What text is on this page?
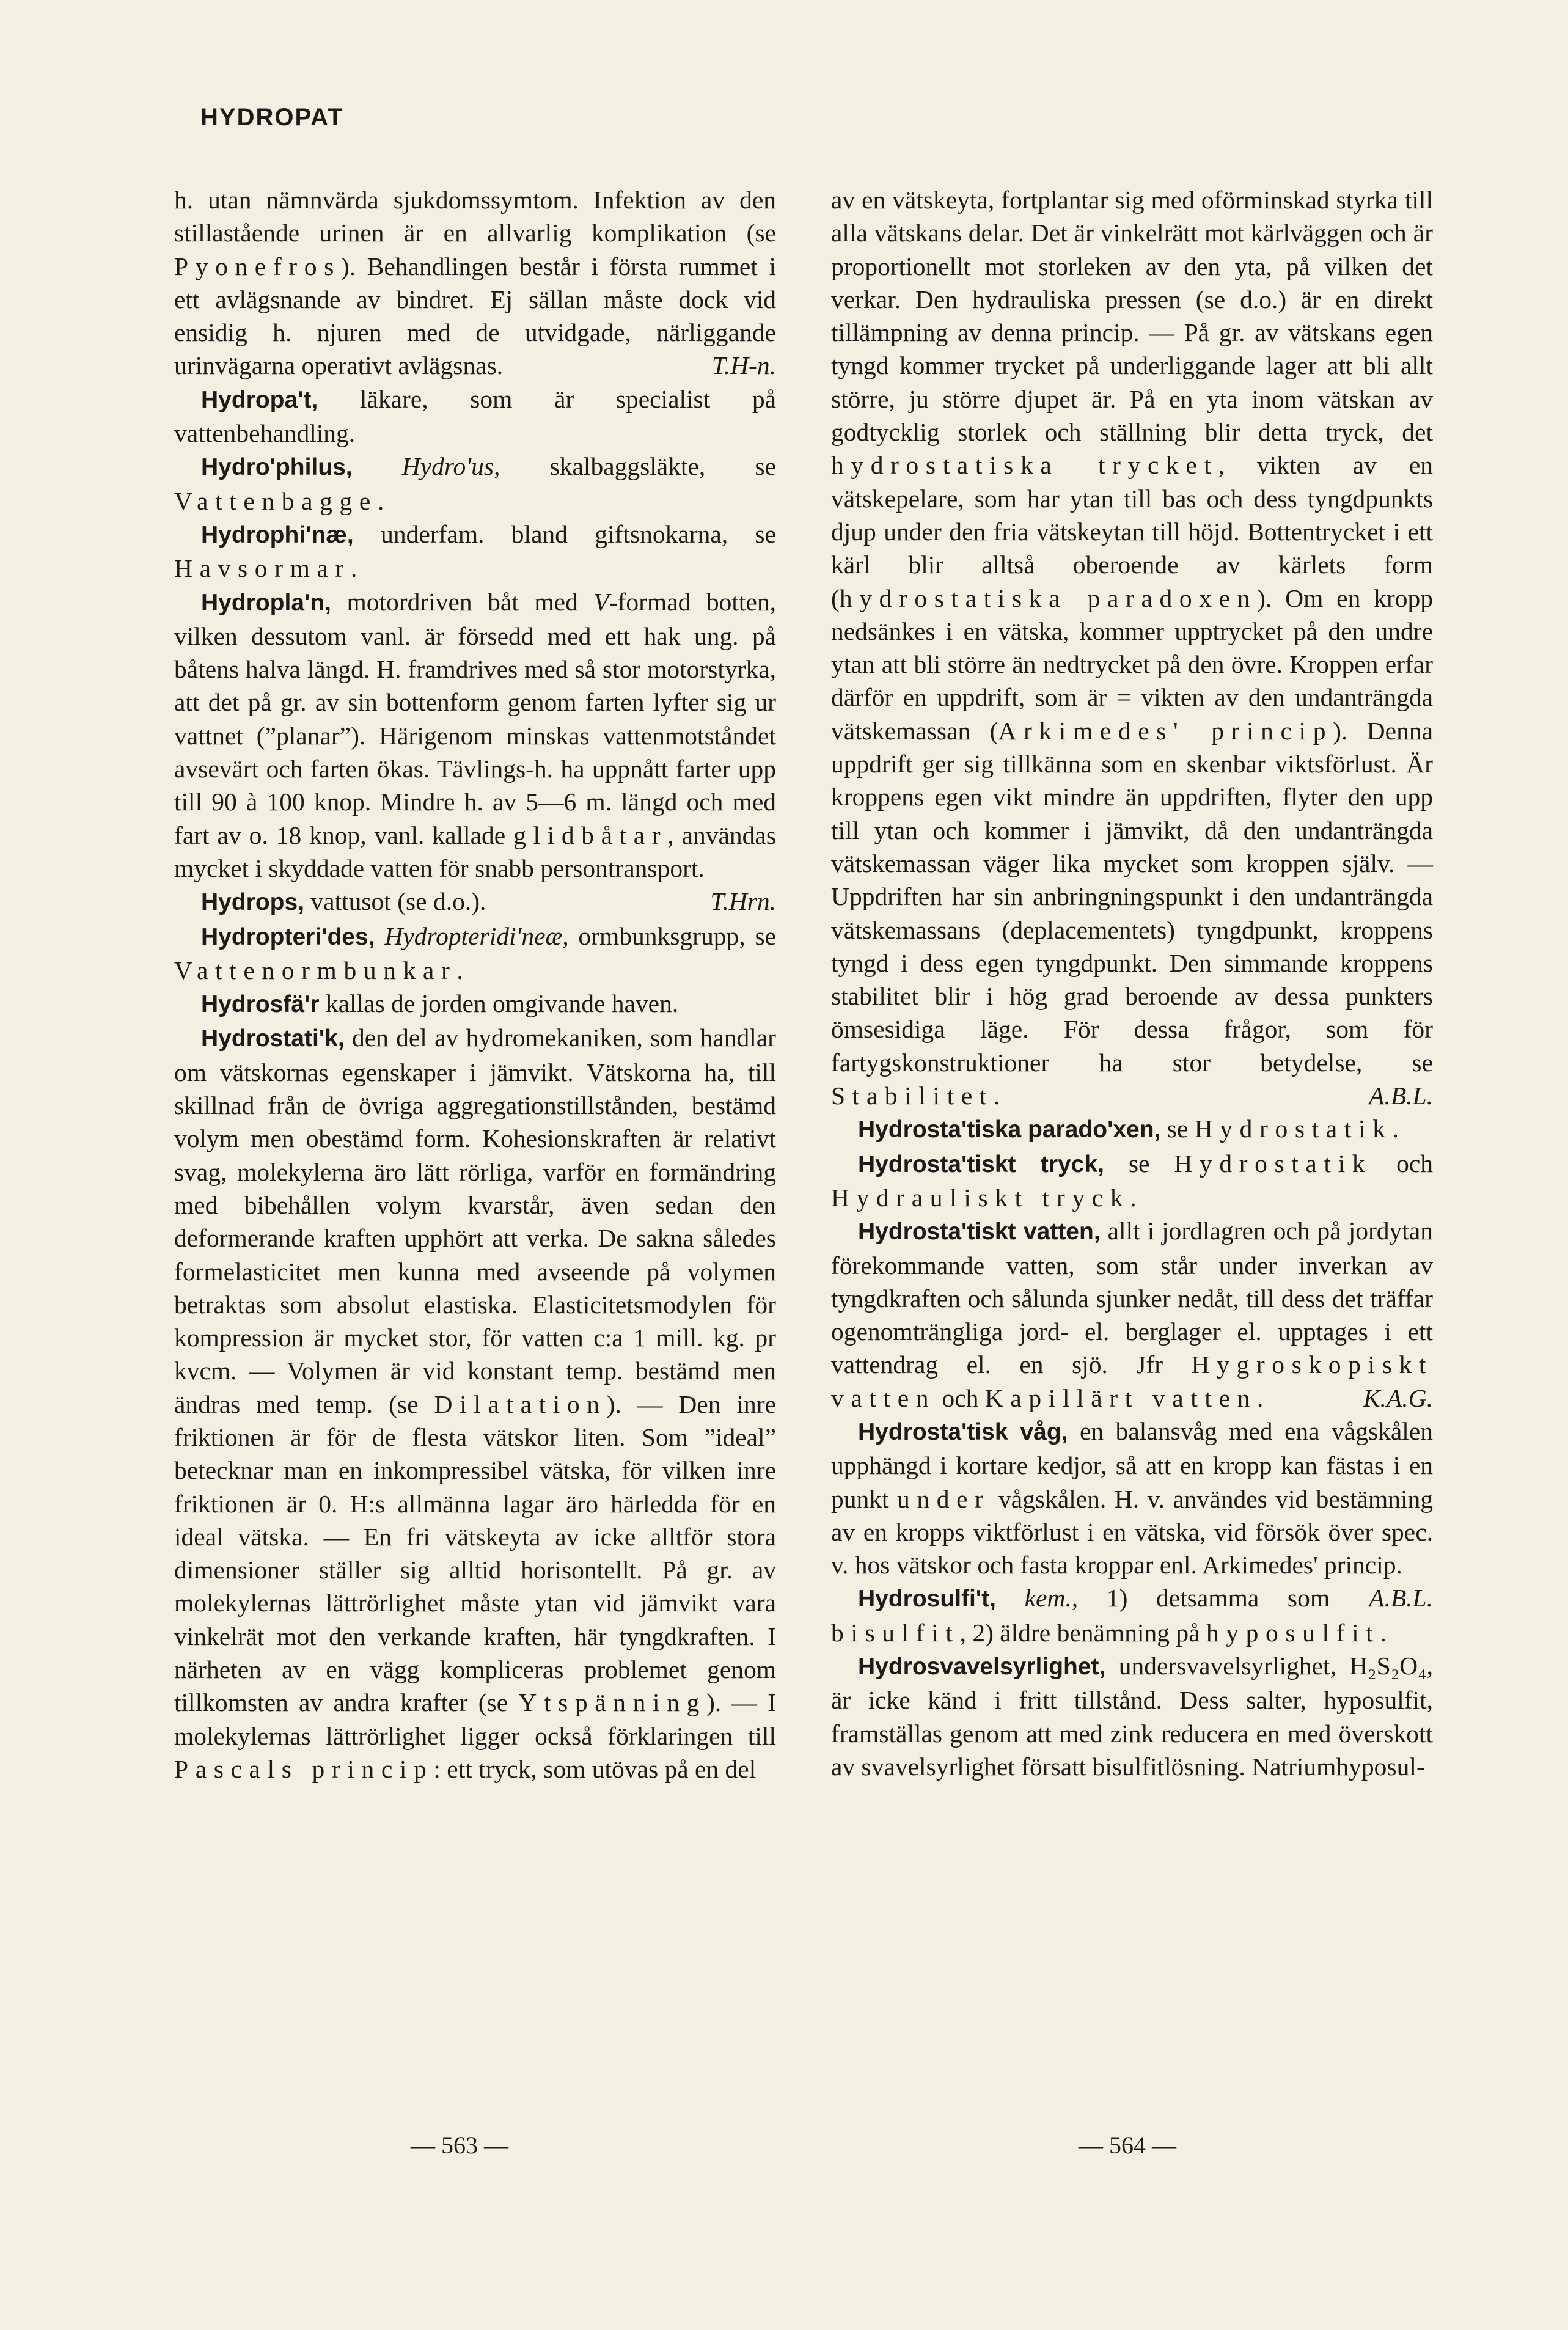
HYDROPAT

h. utan nämnvärda sjukdomssymtom. Infektion av den stillastående urinen är en allvarlig komplikation (se Pyonefros). Behandlingen består i första rummet i ett avlägsnande av bindret. Ej sällan måste dock vid ensidig h. njuren med de utvidgade, närliggande urinvägarna operativt avlägsnas.	T.H-n.

Hydropa't, läkare, som är specialist på vattenbehandling.

Hydro'philus, Hydro'us, skalbaggsläkte, se Vattenbagge.

Hydrophi'næ, underfam. bland giftsnokarna, se Havsormar.

Hydropla'n, motordriven båt med V-formad botten, vilken dessutom vanl. är försedd med ett hak ung. på båtens halva längd. H. framdrives med så stor motorstyrka, att det på gr. av sin bottenform genom farten lyfter sig ur vattnet (”planar”). Härigenom minskas vattenmotståndet avsevärt och farten ökas. Tävlings-h. ha uppnått farter upp till 90 à 100 knop. Mindre h. av 5—6 m. längd och med fart av o. 18 knop, vanl. kallade glidbåtar, användas mycket i skyddade vatten för snabb persontransport.
T.Hrn.

Hydrops, vattusot (se d.o.).

Hydropteri'des, Hydropteridi'neæ, ormbunksgrupp, se Vattenormbunkar.

Hydrosfä'r kallas de jorden omgivande haven.

Hydrostati'k, den del av hydromekaniken, som handlar om vätskornas egenskaper i jämvikt. Vätskorna ha, till skillnad från de övriga aggregationstillstånden, bestämd volym men obestämd form. Kohesionskraften är relativt svag, molekylerna äro lätt rörliga, varför en formändring med bibehållen volym kvarstår, även sedan den deformerande kraften upphört att verka. De sakna således formelasticitet men kunna med avseende på volymen betraktas som absolut elastiska. Elasticitetsmodylen för kompression är mycket stor, för vatten c:a 1 mill. kg. pr kvcm. — Volymen är vid konstant temp. bestämd men ändras med temp. (se Dilatation). — Den inre friktionen är för de flesta vätskor liten. Som ”ideal” betecknar man en inkompressibel vätska, för vilken inre friktionen är 0. H:s allmänna lagar äro härledda för en ideal vätska. — En fri vätskeyta av icke alltför stora dimensioner ställer sig alltid horisontellt. På gr. av molekylernas lättrörlighet måste ytan vid jämvikt vara vinkelrät mot den verkande kraften, här tyngdkraften. I närheten av en vägg kompliceras problemet genom tillkomsten av andra krafter (se Ytspänning). — I molekylernas lättrörlighet ligger också förklaringen till Pascals princip: ett tryck, som utövas på en del

av en vätskeyta, fortplantar sig med oförminskad styrka till alla vätskans delar. Det är vinkelrätt mot kärlväggen och är proportionellt mot storleken av den yta, på vilken det verkar. Den hydrauliska pressen (se d.o.) är en direkt tillämpning av denna princip. — På gr. av vätskans egen tyngd kommer trycket på underliggande lager att bli allt större, ju större djupet är. På en yta inom vätskan av godtycklig storlek och ställning blir detta tryck, det hydrostatiska trycket, vikten av en vätskepelare, som har ytan till bas och dess tyngdpunkts djup under den fria vätskeytan till höjd. Bottentrycket i ett kärl blir alltså oberoende av kärlets form (hydrostatiska paradoxen). Om en kropp nedsänkes i en vätska, kommer upptrycket på den undre ytan att bli större än nedtrycket på den övre. Kroppen erfar därför en uppdrift, som är = vikten av den undanträngda vätskemassan (Arkimedes' princip). Denna uppdrift ger sig tillkänna som en skenbar viktsförlust. Är kroppens egen vikt mindre än uppdriften, flyter den upp till ytan och kommer i jämvikt, då den undanträngda vätskemassan väger lika mycket som kroppen själv. — Uppdriften har sin anbringningspunkt i den undanträngda vätskemassans (deplacementets) tyngdpunkt, kroppens tyngd i dess egen tyngdpunkt. Den simmande kroppens stabilitet blir i hög grad beroende av dessa punkters ömsesidiga läge. För dessa frågor, som för fartygskonstruktioner ha stor betydelse, se Stabilitet.	A.B.L.

Hydrosta'tiska parado'xen, se Hydrostatik.

Hydrosta'tiskt tryck, se Hydrostatik och Hydrauliskt tryck.

Hydrosta'tiskt vatten, allt i jordlagren och på jordytan förekommande vatten, som står under inverkan av tyngdkraften och sålunda sjunker nedåt, till dess det träffar ogenomträngliga jord- el. berglager el. upptages i ett vattendrag el. en sjö. Jfr Hygroskopiskt vatten och Kapillärt vatten.	K.A.G.

Hydrosta'tisk våg, en balansvåg med ena vågskålen upphängd i kortare kedjor, så att en kropp kan fästas i en punkt under vågskålen. H. v. användes vid bestämning av en kropps viktförlust i en vätska, vid försök över spec. v. hos vätskor och fasta kroppar enl. Arkimedes' princip.
A.B.L.

Hydrosulfi't, kem., 1) detsamma som bisulfit, 2) äldre benämning på hyposulfit.

Hydrosvavelsyrlighet, undersvavelsyrlighet, H₂S₂O₄, är icke känd i fritt tillstånd. Dess salter, hyposulfit, framställas genom att med zink reducera en med överskott av svavelsyrlighet försatt bisulfitlösning. Natriumhyposul-

— 563 —	— 564 —
